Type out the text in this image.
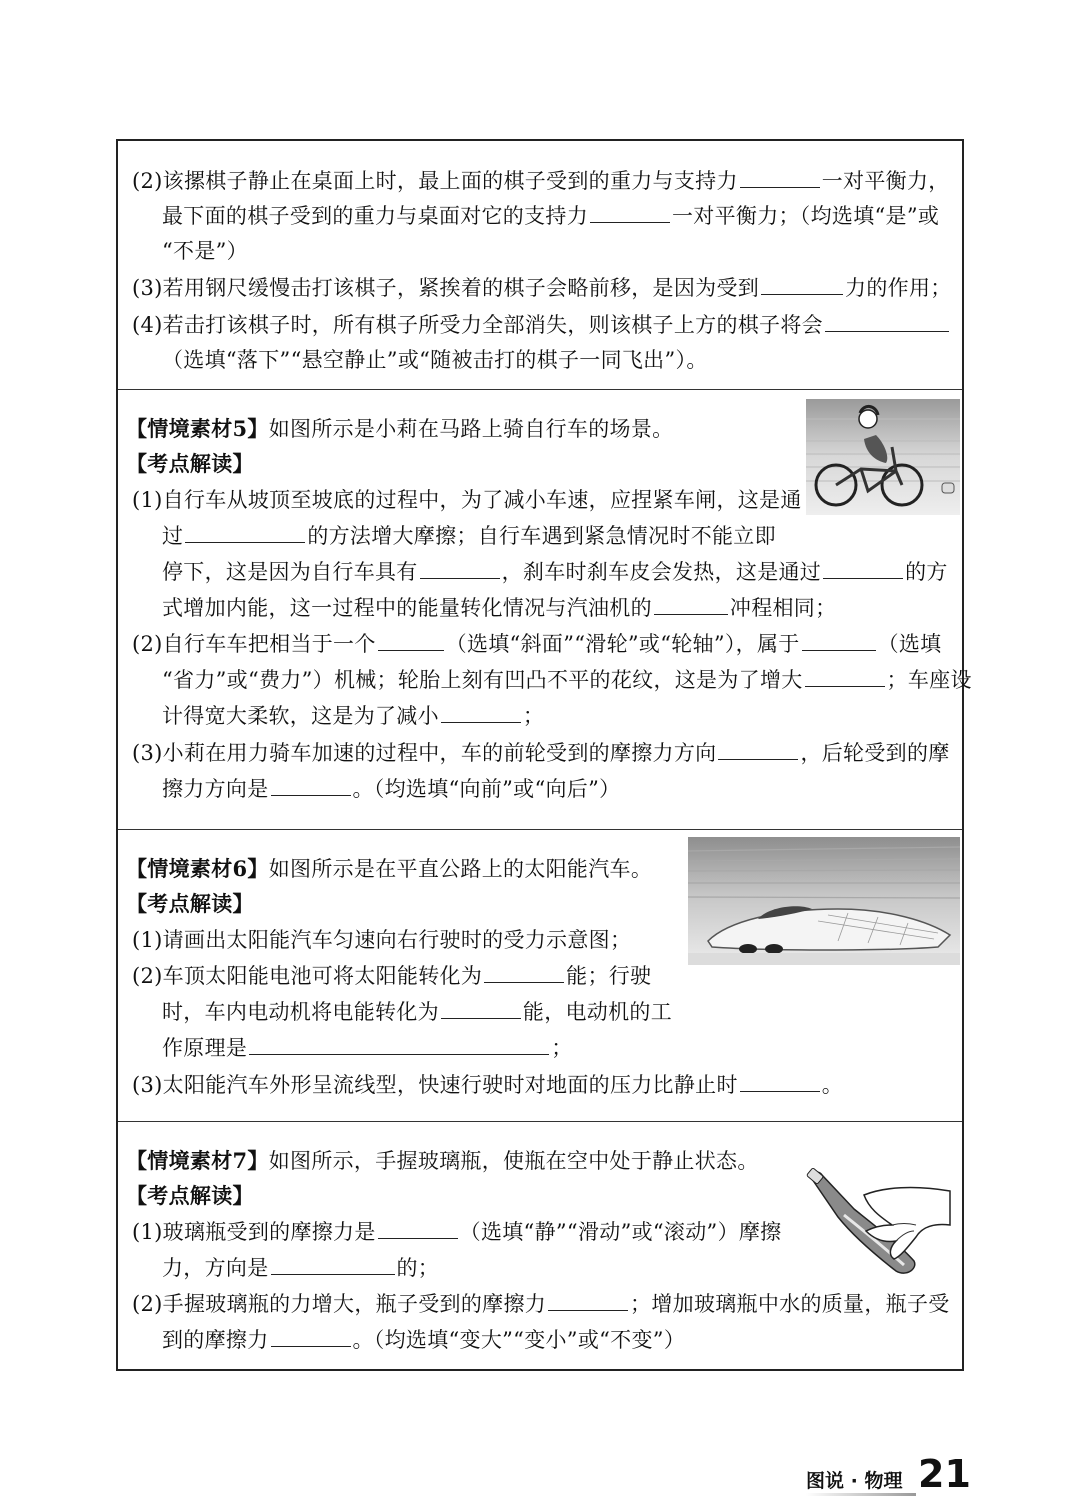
(2)该摞棋子静止在桌面上时，最上面的棋子受到的重力与支持力	一对平衡力，
最下面的棋子受到的重力与桌面对它的支持力	一对平衡力；（均选填“是”或
“不是”）
(3)若用钢尺缓慢击打该棋子，紧挨着的棋子会略前移，是因为受到	力的作用；
(4)若击打该棋子时，所有棋子所受力全部消失，则该棋子上方的棋子将会
（选填“落下”“悬空静止”或“随被击打的棋子一同飞出”）。
【情境素材5】如图所示是小莉在马路上骑自行车的场景。
【考点解读】
(1)自行车从坡顶至坡底的过程中，为了减小车速，应捏紧车闸，这是通
过	的方法增大摩擦；自行车遇到紧急情况时不能立即
停下，这是因为自行车具有	，刹车时刹车皮会发热，这是通过	的方
式增加内能，这一过程中的能量转化情况与汽油机的	冲程相同；
(2)自行车车把相当于一个	（选填“斜面”“滑轮”或“轮轴”），属于	（选填
“省力”或“费力”）机械；轮胎上刻有凹凸不平的花纹，这是为了增大	；车座设
计得宽大柔软，这是为了减小	；
(3)小莉在用力骑车加速的过程中，车的前轮受到的摩擦力方向	，后轮受到的摩
擦力方向是	。（均选填“向前”或“向后”）
【情境素材6】如图所示是在平直公路上的太阳能汽车。
【考点解读】
(1)请画出太阳能汽车匀速向右行驶时的受力示意图；
(2)车顶太阳能电池可将太阳能转化为	能；行驶
时，车内电动机将电能转化为	能，电动机的工
作原理是	；
(3)太阳能汽车外形呈流线型，快速行驶时对地面的压力比静止时	。
【情境素材7】如图所示，手握玻璃瓶，使瓶在空中处于静止状态。
【考点解读】
(1)玻璃瓶受到的摩擦力是	（选填“静”“滑动”或“滚动”）摩擦
力，方向是	的；
(2)手握玻璃瓶的力增大，瓶子受到的摩擦力	；增加玻璃瓶中水的质量，瓶子受
到的摩擦力	。（均选填“变大”“变小”或“不变”）
图说 · 物理 21
